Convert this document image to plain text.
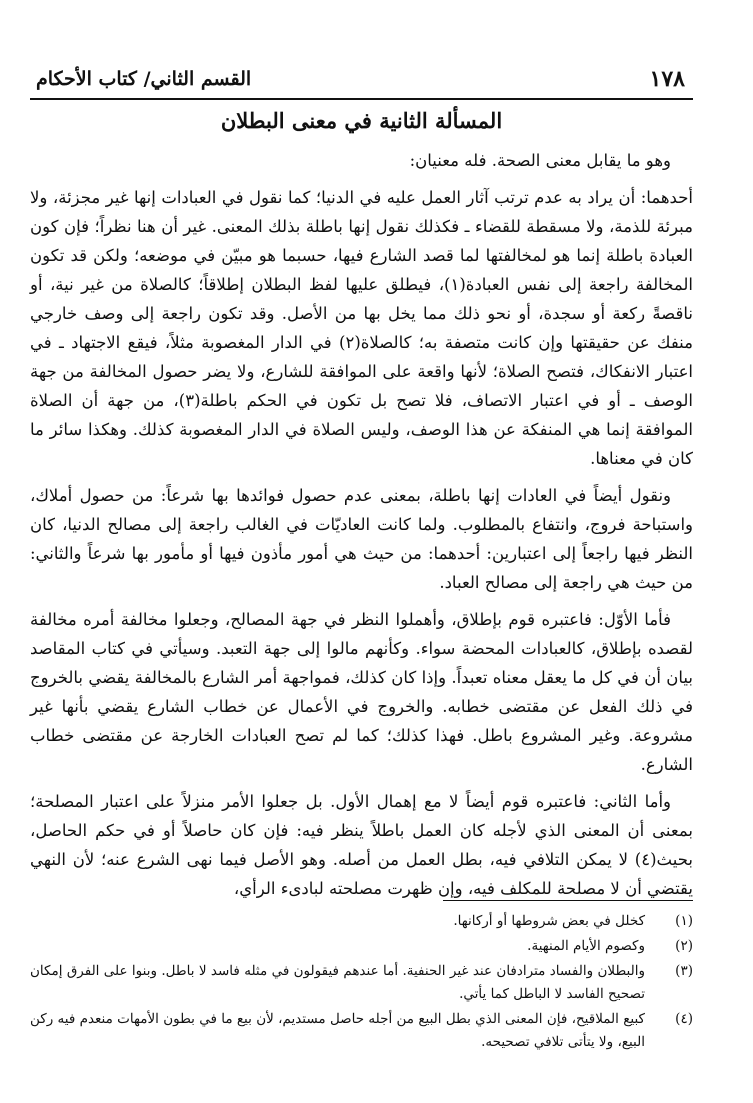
١٧٨
القسم الثاني/ كتاب الأحكام
المسألة الثانية في معنى البطلان

وهو ما يقابل معنى الصحة. فله معنيان:

أحدهما: أن يراد به عدم ترتب آثار العمل عليه في الدنيا؛ كما نقول في العبادات إنها غير مجزئة، ولا مبرئة للذمة، ولا مسقطة للقضاء ـ فكذلك نقول إنها باطلة بذلك المعنى. غير أن هنا نظراً؛ فإن كون العبادة باطلة إنما هو لمخالفتها لما قصد الشارع فيها، حسبما هو مبيّن في موضعه؛ ولكن قد تكون المخالفة راجعة إلى نفس العبادة(١)، فيطلق عليها لفظ البطلان إطلاقاً؛ كالصلاة من غير نية، أو ناقصةً ركعة أو سجدة، أو نحو ذلك مما يخل بها من الأصل. وقد تكون راجعة إلى وصف خارجي منفك عن حقيقتها وإن كانت متصفة به؛ كالصلاة(٢) في الدار المغصوبة مثلاً، فيقع الاجتهاد ـ في اعتبار الانفكاك، فتصح الصلاة؛ لأنها واقعة على الموافقة للشارع، ولا يضر حصول المخالفة من جهة الوصف ـ أو في اعتبار الاتصاف، فلا تصح بل تكون في الحكم باطلة(٣)، من جهة أن الصلاة الموافقة إنما هي المنفكة عن هذا الوصف، وليس الصلاة في الدار المغصوبة كذلك. وهكذا سائر ما كان في معناها.

ونقول أيضاً في العادات إنها باطلة، بمعنى عدم حصول فوائدها بها شرعاً: من حصول أملاك، واستباحة فروج، وانتفاع بالمطلوب. ولما كانت العاديّات في الغالب راجعة إلى مصالح الدنيا، كان النظر فيها راجعاً إلى اعتبارين: أحدهما: من حيث هي أمور مأذون فيها أو مأمور بها شرعاً والثاني: من حيث هي راجعة إلى مصالح العباد.

فأما الأوّل: فاعتبره قوم بإطلاق، وأهملوا النظر في جهة المصالح، وجعلوا مخالفة أمره مخالفة لقصده بإطلاق، كالعبادات المحضة سواء. وكأنهم مالوا إلى جهة التعبد. وسيأتي في كتاب المقاصد بيان أن في كل ما يعقل معناه تعبداً. وإذا كان كذلك، فمواجهة أمر الشارع بالمخالفة يقضي بالخروج في ذلك الفعل عن مقتضى خطابه. والخروج في الأعمال عن خطاب الشارع يقضي بأنها غير مشروعة. وغير المشروع باطل. فهذا كذلك؛ كما لم تصح العبادات الخارجة عن مقتضى خطاب الشارع.

وأما الثاني: فاعتبره قوم أيضاً لا مع إهمال الأول. بل جعلوا الأمر منزلاً على اعتبار المصلحة؛ بمعنى أن المعنى الذي لأجله كان العمل باطلاً ينظر فيه: فإن كان حاصلاً أو في حكم الحاصل، بحيث(٤) لا يمكن التلافي فيه، بطل العمل من أصله. وهو الأصل فيما نهى الشرع عنه؛ لأن النهي يقتضي أن لا مصلحة للمكلف فيه، وإن ظهرت مصلحته لبادىء الرأي،

(١)
كخلل في بعض شروطها أو أركانها.
(٢)
وكصوم الأيام المنهية.
(٣)
والبطلان والفساد مترادفان عند غير الحنفية. أما عندهم فيقولون في مثله فاسد لا باطل. وبنوا على الفرق إمكان تصحيح الفاسد لا الباطل كما يأتي.
(٤)
كبيع الملاقيح، فإن المعنى الذي بطل البيع من أجله حاصل مستديم، لأن بيع ما في بطون الأمهات منعدم فيه ركن البيع، ولا يتأتى تلافي تصحيحه.
